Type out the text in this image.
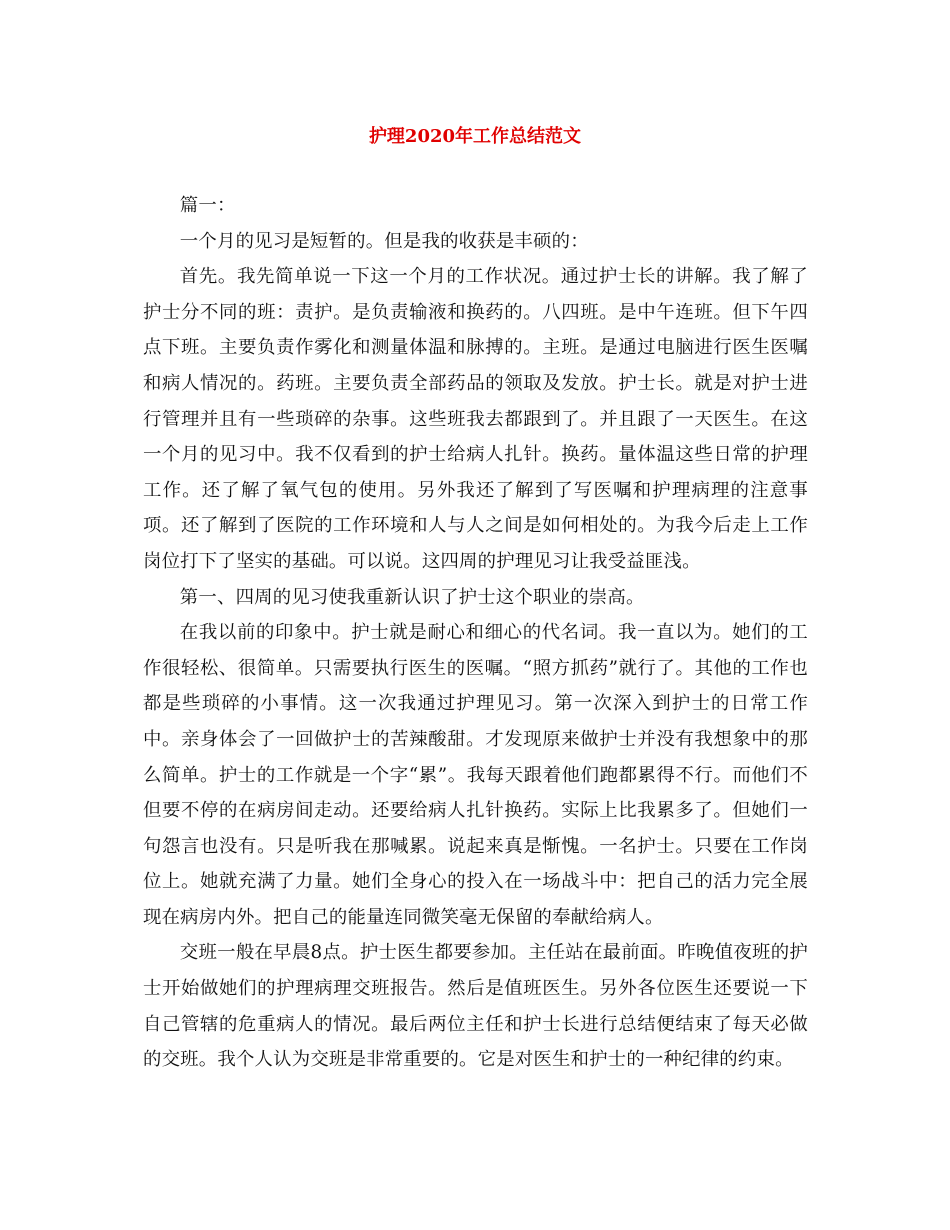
护理2020年工作总结范文

篇一：

一个月的见习是短暂的。但是我的收获是丰硕的：

首先。我先简单说一下这一个月的工作状况。通过护士长的讲解。我了解了护士分不同的班：责护。是负责输液和换药的。八四班。是中午连班。但下午四点下班。主要负责作雾化和测量体温和脉搏的。主班。是通过电脑进行医生医嘱和病人情况的。药班。主要负责全部药品的领取及发放。护士长。就是对护士进行管理并且有一些琐碎的杂事。这些班我去都跟到了。并且跟了一天医生。在这一个月的见习中。我不仅看到的护士给病人扎针。换药。量体温这些日常的护理工作。还了解了氧气包的使用。另外我还了解到了写医嘱和护理病理的注意事项。还了解到了医院的工作环境和人与人之间是如何相处的。为我今后走上工作岗位打下了坚实的基础。可以说。这四周的护理见习让我受益匪浅。

第一、四周的见习使我重新认识了护士这个职业的崇高。

在我以前的印象中。护士就是耐心和细心的代名词。我一直以为。她们的工作很轻松、很简单。只需要执行医生的医嘱。“照方抓药”就行了。其他的工作也都是些琐碎的小事情。这一次我通过护理见习。第一次深入到护士的日常工作中。亲身体会了一回做护士的苦辣酸甜。才发现原来做护士并没有我想象中的那么简单。护士的工作就是一个字“累”。我每天跟着他们跑都累得不行。而他们不但要不停的在病房间走动。还要给病人扎针换药。实际上比我累多了。但她们一句怨言也没有。只是听我在那喊累。说起来真是惭愧。一名护士。只要在工作岗位上。她就充满了力量。她们全身心的投入在一场战斗中：把自己的活力完全展现在病房内外。把自己的能量连同微笑毫无保留的奉献给病人。

交班一般在早晨8点。护士医生都要参加。主任站在最前面。昨晚值夜班的护士开始做她们的护理病理交班报告。然后是值班医生。另外各位医生还要说一下自己管辖的危重病人的情况。最后两位主任和护士长进行总结便结束了每天必做的交班。我个人认为交班是非常重要的。它是对医生和护士的一种纪律的约束。
